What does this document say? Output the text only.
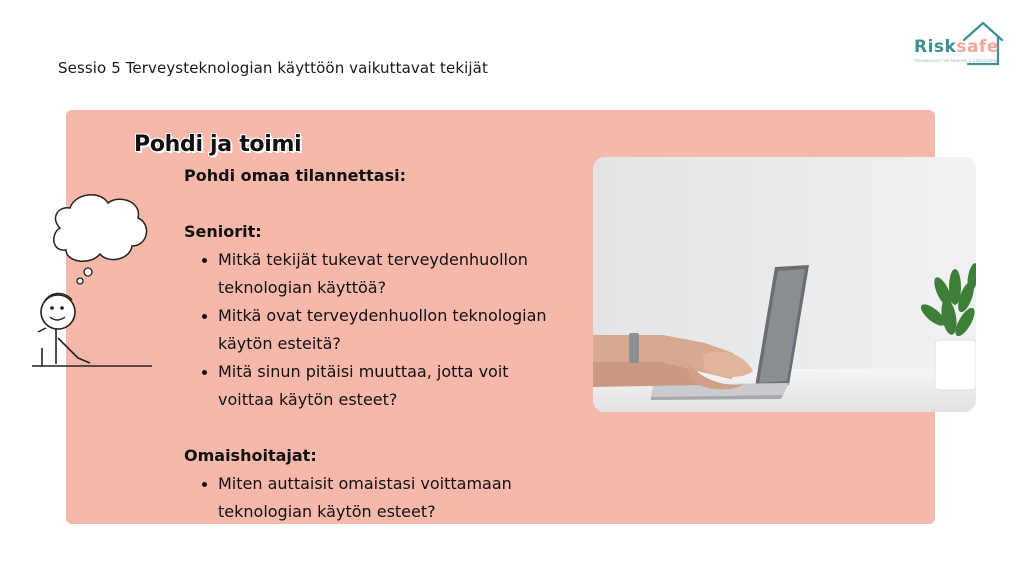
Sessio 5 Terveysteknologian käyttöön vaikuttavat tekijät
Risksafe
TECHNOLOGY FOR SENIORS & CAREGIVERS
Pohdi ja toimi

Pohdi omaa tilannettasi:

Seniorit:

Mitkä tekijät tukevat terveydenhuollon
teknologian käyttöä?
Mitkä ovat terveydenhuollon teknologian
käytön esteitä?
Mitä sinun pitäisi muuttaa, jotta voit
voittaa käytön esteet?

Omaishoitajat:

Miten auttaisit omaistasi voittamaan
teknologian käytön esteet?
